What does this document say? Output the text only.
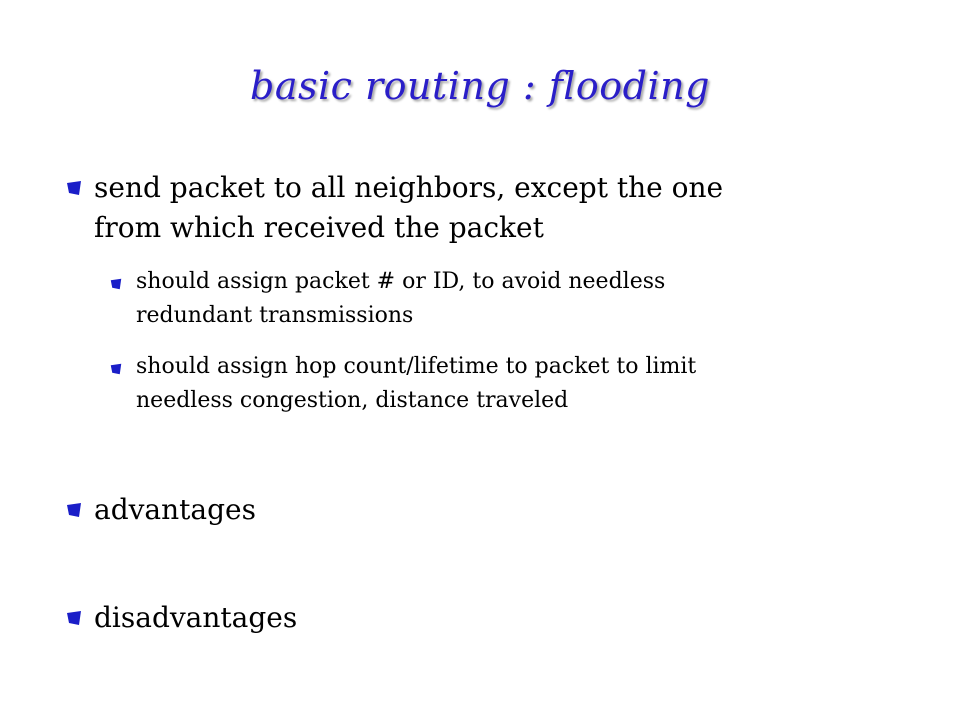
basic routing : flooding
send packet to all neighbors, except the one
from which received the packet
should assign packet # or ID, to avoid needless
redundant transmissions
should assign hop count/lifetime to packet to limit
needless congestion, distance traveled
advantages
disadvantages
